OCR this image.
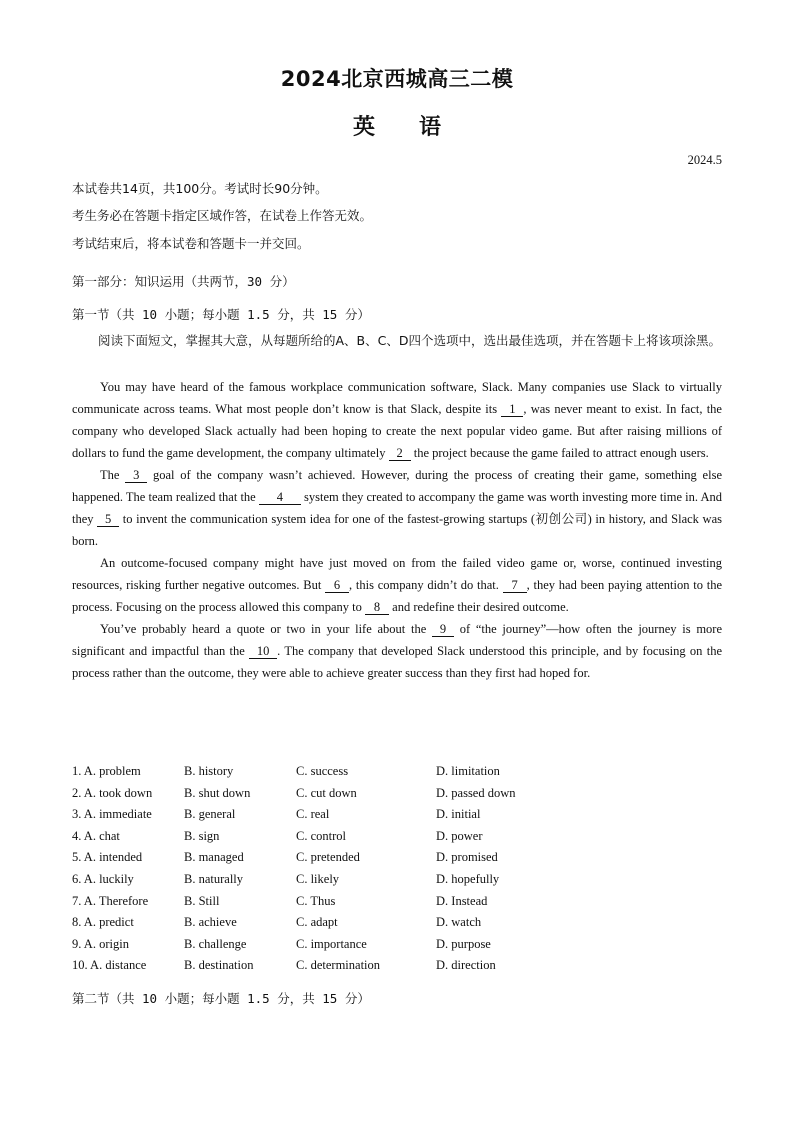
2024北京西城高三二模
英　　语
2024.5
本试卷共14页，共100分。考试时长90分钟。
考生务必在答题卡指定区域作答，在试卷上作答无效。
考试结束后，将本试卷和答题卡一并交回。
第一部分：知识运用（共两节，30 分）
第一节（共 10 小题；每小题 1.5 分，共 15 分）
阅读下面短文，掌握其大意，从每题所给的A、B、C、D四个选项中，选出最佳选项，并在答题卡上将该项涂黑。

You may have heard of the famous workplace communication software, Slack. Many companies use Slack to virtually communicate across teams. What most people don’t know is that Slack, despite its 1 , was never meant to exist. In fact, the company who developed Slack actually had been hoping to create the next popular video game. But after raising millions of dollars to fund the game development, the company ultimately 2 the project because the game failed to attract enough users.

The 3 goal of the company wasn’t achieved. However, during the process of creating their game, something else happened. The team realized that the 4 system they created to accompany the game was worth investing more time in. And they 5 to invent the communication system idea for one of the fastest-growing startups (初创公司) in history, and Slack was born.

An outcome-focused company might have just moved on from the failed video game or, worse, continued investing resources, risking further negative outcomes. But 6 , this company didn’t do that. 7 , they had been paying attention to the process. Focusing on the process allowed this company to 8 and redefine their desired outcome.

You’ve probably heard a quote or two in your life about the 9 of “the journey”—how often the journey is more significant and impactful than the 10 . The company that developed Slack understood this principle, and by focusing on the process rather than the outcome, they were able to achieve greater success than they first had hoped for.

1. A. problem	B. history	C. success	D. limitation
2. A. took down	B. shut down	C. cut down	D. passed down
3. A. immediate	B. general	C. real	D. initial
4. A. chat	B. sign	C. control	D. power
5. A. intended	B. managed	C. pretended	D. promised
6. A. luckily	B. naturally	C. likely	D. hopefully
7. A. Therefore	B. Still	C. Thus	D. Instead
8. A. predict	B. achieve	C. adapt	D. watch
9. A. origin	B. challenge	C. importance	D. purpose
10. A. distance	B. destination	C. determination	D. direction
第二节（共 10 小题；每小题 1.5 分，共 15 分）
